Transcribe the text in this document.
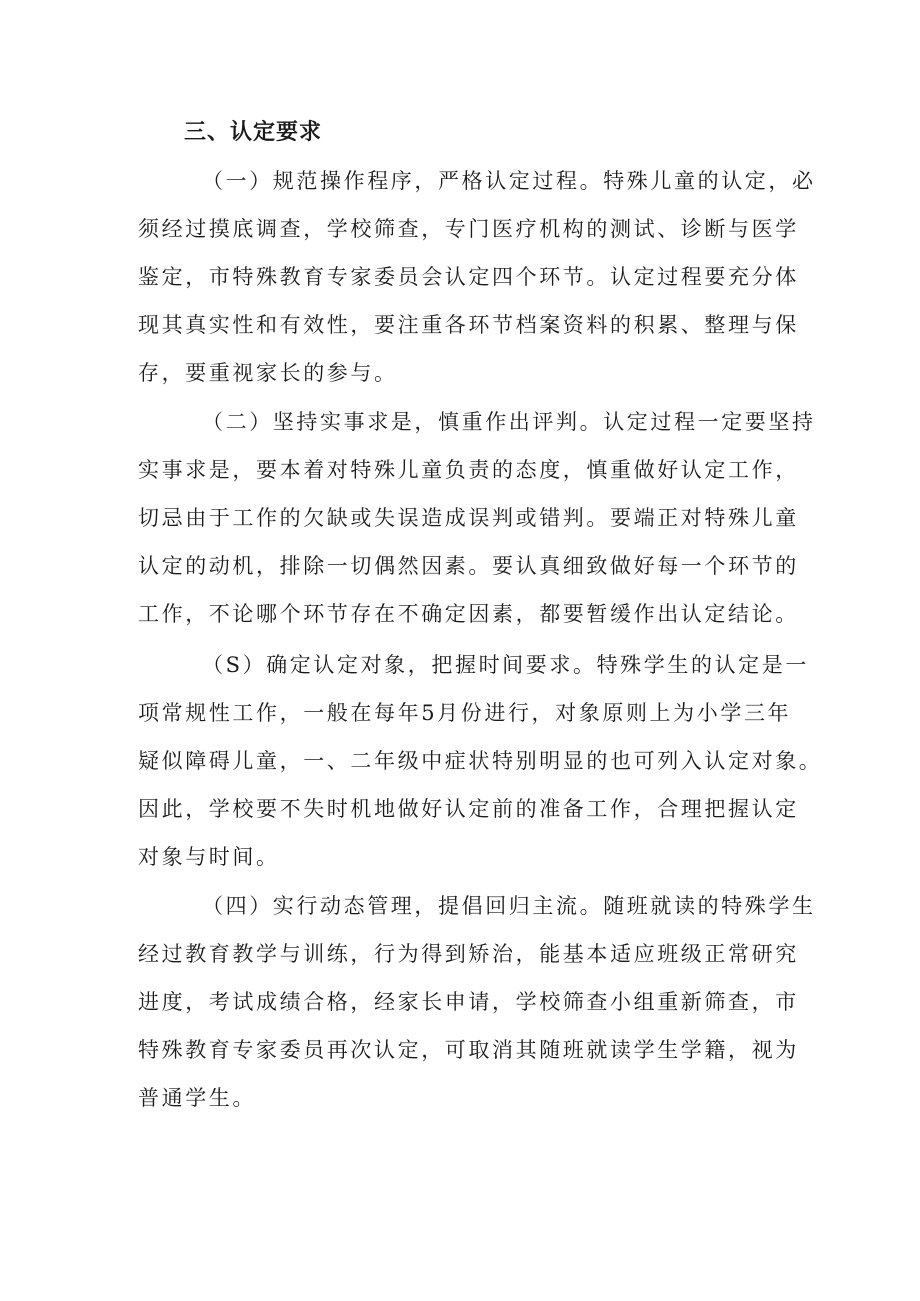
三、认定要求
（一）规范操作程序，严格认定过程。特殊儿童的认定，必
须经过摸底调查，学校筛查，专门医疗机构的测试、诊断与医学
鉴定，市特殊教育专家委员会认定四个环节。认定过程要充分体
现其真实性和有效性，要注重各环节档案资料的积累、整理与保
存，要重视家长的参与。
（二）坚持实事求是，慎重作出评判。认定过程一定要坚持
实事求是，要本着对特殊儿童负责的态度，慎重做好认定工作，
切忌由于工作的欠缺或失误造成误判或错判。要端正对特殊儿童
认定的动机，排除一切偶然因素。要认真细致做好每一个环节的
工作，不论哪个环节存在不确定因素，都要暂缓作出认定结论。
（S）确定认定对象，把握时间要求。特殊学生的认定是一
项常规性工作，一般在每年5月份进行，对象原则上为小学三年
疑似障碍儿童，一、二年级中症状特别明显的也可列入认定对象。
因此，学校要不失时机地做好认定前的准备工作，合理把握认定
对象与时间。
（四）实行动态管理，提倡回归主流。随班就读的特殊学生
经过教育教学与训练，行为得到矫治，能基本适应班级正常研究
进度，考试成绩合格，经家长申请，学校筛查小组重新筛查，市
特殊教育专家委员再次认定，可取消其随班就读学生学籍，视为
普通学生。
